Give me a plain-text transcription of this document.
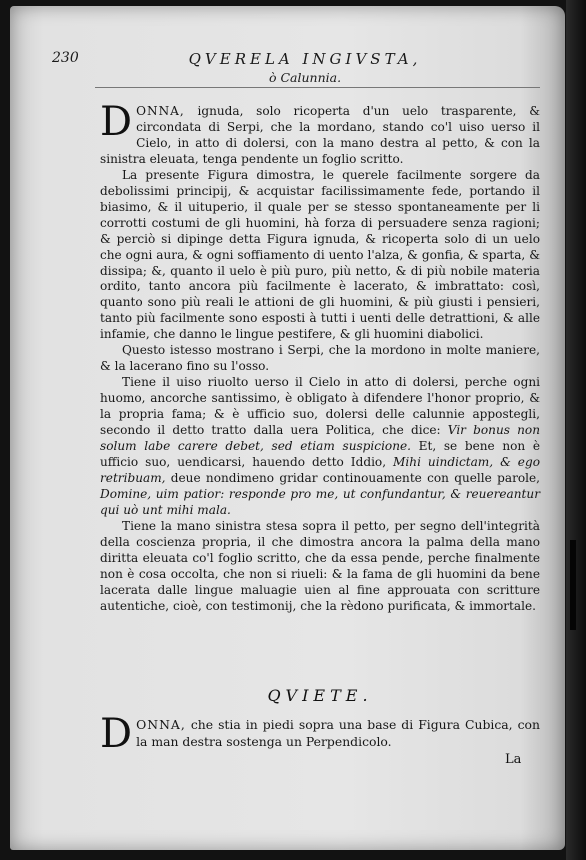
230	QVERELA INGIVSTA,
ò Calunnia.

DONNA, ignuda, solo ricoperta d'un uelo trasparente, & circondata di Serpi, che la mordano, stando co'l uiso uerso il Cielo, in atto di dolersi, con la mano destra al petto, & con la sinistra eleuata, tenga pendente un foglio scritto.

La presente Figura dimostra, le querele facilmente sorgere da debolissimi principij, & acquistar facilissimamente fede, portando il biasimo, & il uituperio, il quale per se stesso spontaneamente per li corrotti costumi de gli huomini, hà forza di persuadere senza ragioni; & perciò si dipinge detta Figura ignuda, & ricoperta solo di un uelo che ogni aura, & ogni soffiamento di uento l'alza, & gonfia, & sparta, & dissipa; &, quanto il uelo è più puro, più netto, & di più nobile materia ordito, tanto ancora più facilmente è lacerato, & imbrattato: così, quanto sono più reali le attioni de gli huomini, & più giusti i pensieri, tanto più facilmente sono esposti à tutti i uenti delle detrattioni, & alle infamie, che danno le lingue pestifere, & gli huomini diabolici.

Questo istesso mostrano i Serpi, che la mordono in molte maniere, & la lacerano fino su l'osso.

Tiene il uiso riuolto uerso il Cielo in atto di dolersi, perche ogni huomo, ancorche santissimo, è obligato à difendere l'honor proprio, & la propria fama; & è ufficio suo, dolersi delle calunnie appostegli, secondo il detto tratto dalla uera Politica, che dice: Vir bonus non solum labe carere debet, sed etiam suspicione. Et, se bene non è ufficio suo, uendicarsi, hauendo detto Iddio, Mihi uindictam, & ego retribuam, deue nondimeno gridar continouamente con quelle parole, Domine, uim patior: responde pro me, ut confundantur, & reuereantur qui uò unt mihi mala.

Tiene la mano sinistra stesa sopra il petto, per segno dell'integrità della coscienza propria, il che dimostra ancora la palma della mano diritta eleuata co'l foglio scritto, che da essa pende, perche finalmente non è cosa occolta, che non si riueli: & la fama de gli huomini da bene lacerata dalle lingue maluagie uien al fine approuata con scritture autentiche, cioè, con testimonij, che la rèdono purificata, & immortale.

QVIETE.
DONNA, che stia in piedi sopra una base di Figura Cubica, con la man destra sostenga un Perpendicolo.
La
